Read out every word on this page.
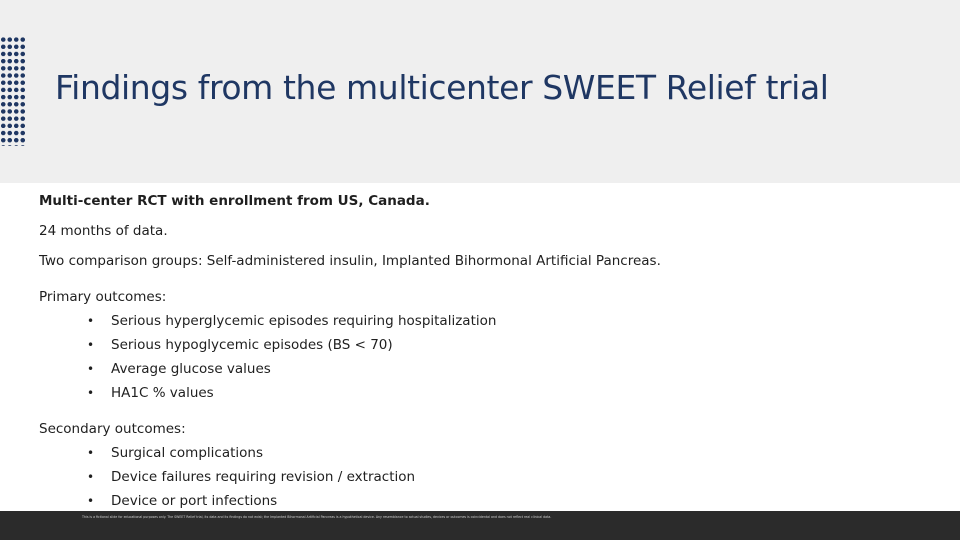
Findings from the multicenter SWEET Relief trial

Multi-center RCT with enrollment from US, Canada.

24 months of data.

Two comparison groups: Self-administered insulin, Implanted Bihormonal Artificial Pancreas.

Primary outcomes:

• Serious hyperglycemic episodes requiring hospitalization
• Serious hypoglycemic episodes (BS < 70)
• Average glucose values
• HA1C % values

Secondary outcomes:

• Surgical complications
• Device failures requiring revision / extraction
• Device or port infections
This is a fictional slide for educational purposes only. The SWEET Relief trial, its data and its findings do not exist; the Implanted Bihormonal Artificial Pancreas is a hypothetical device. Any resemblance to actual studies, devices or outcomes is coincidental and does not reflect real clinical data.
